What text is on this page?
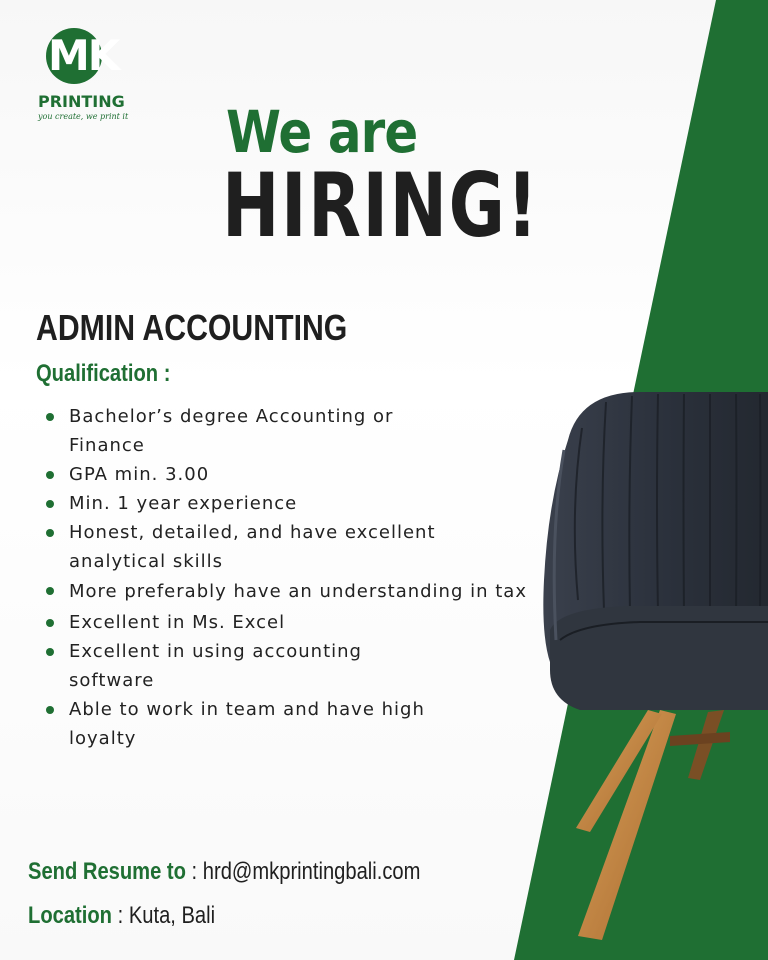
MK
PRINTING
you create, we print it	We are
HIRING!
ADMIN ACCOUNTING
Qualification :
Bachelor’s degree Accounting or Finance
GPA min. 3.00
Min. 1 year experience
Honest, detailed, and have excellent analytical skills
More preferably have an understanding in tax
Excellent in Ms. Excel
Excellent in using accounting software
Able to work in team and have high loyalty
Send Resume to : hrd@mkprintingbali.com
Location : Kuta, Bali
